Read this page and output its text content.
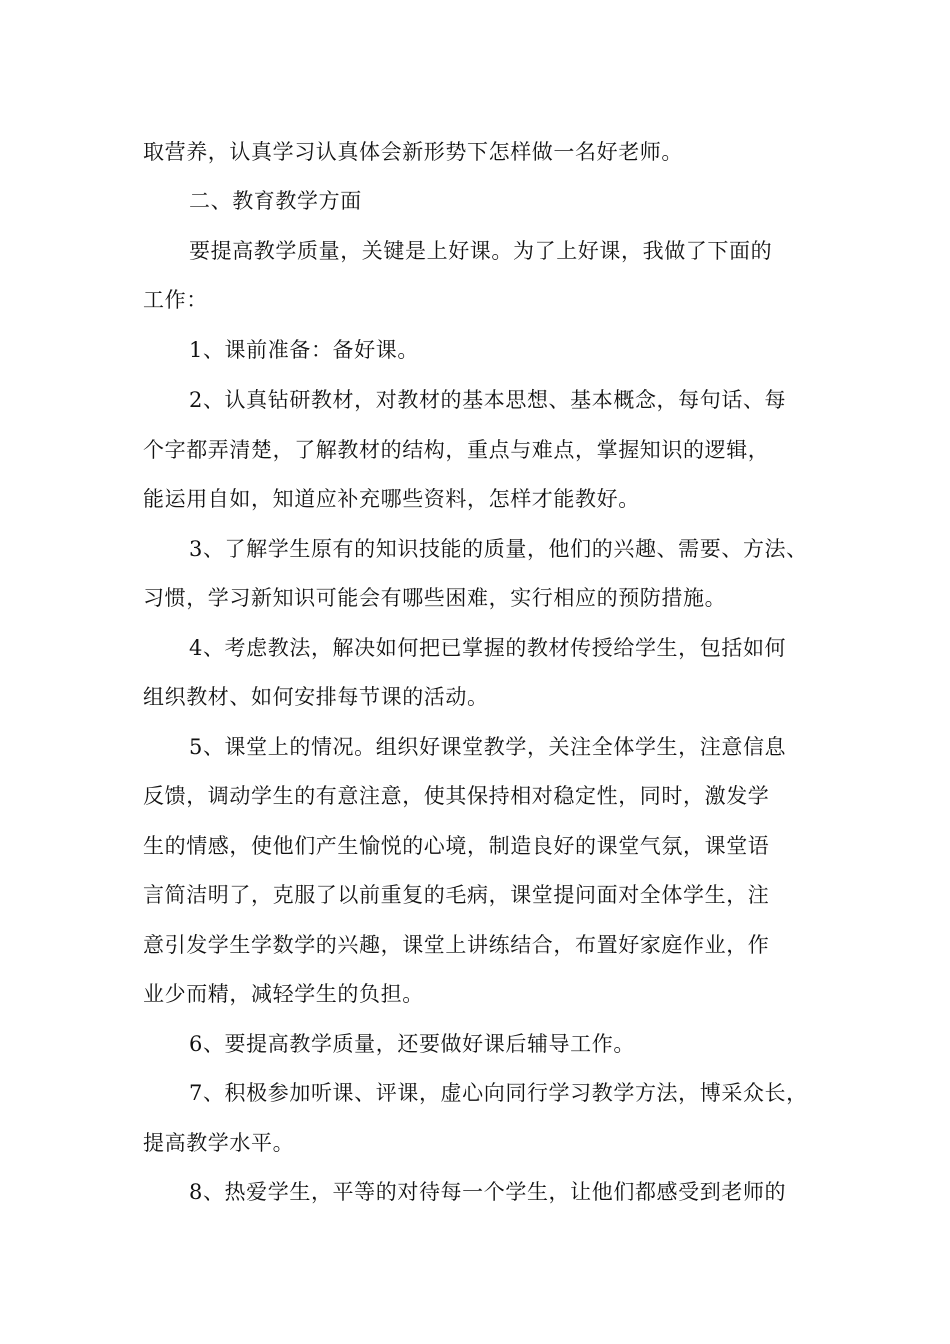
取营养，认真学习认真体会新形势下怎样做一名好老师。
二、教育教学方面
要提高教学质量，关键是上好课。为了上好课，我做了下面的
工作：
1、课前准备：备好课。
2、认真钻研教材，对教材的基本思想、基本概念，每句话、每
个字都弄清楚，了解教材的结构，重点与难点，掌握知识的逻辑，
能运用自如，知道应补充哪些资料，怎样才能教好。
3、了解学生原有的知识技能的质量，他们的兴趣、需要、方法、
习惯，学习新知识可能会有哪些困难，实行相应的预防措施。
4、考虑教法，解决如何把已掌握的教材传授给学生，包括如何
组织教材、如何安排每节课的活动。
5、课堂上的情况。组织好课堂教学，关注全体学生，注意信息
反馈，调动学生的有意注意，使其保持相对稳定性，同时，激发学
生的情感，使他们产生愉悦的心境，制造良好的课堂气氛，课堂语
言简洁明了，克服了以前重复的毛病，课堂提问面对全体学生，注
意引发学生学数学的兴趣，课堂上讲练结合，布置好家庭作业，作
业少而精，减轻学生的负担。
6、要提高教学质量，还要做好课后辅导工作。
7、积极参加听课、评课，虚心向同行学习教学方法，博采众长，
提高教学水平。
8、热爱学生，平等的对待每一个学生，让他们都感受到老师的
